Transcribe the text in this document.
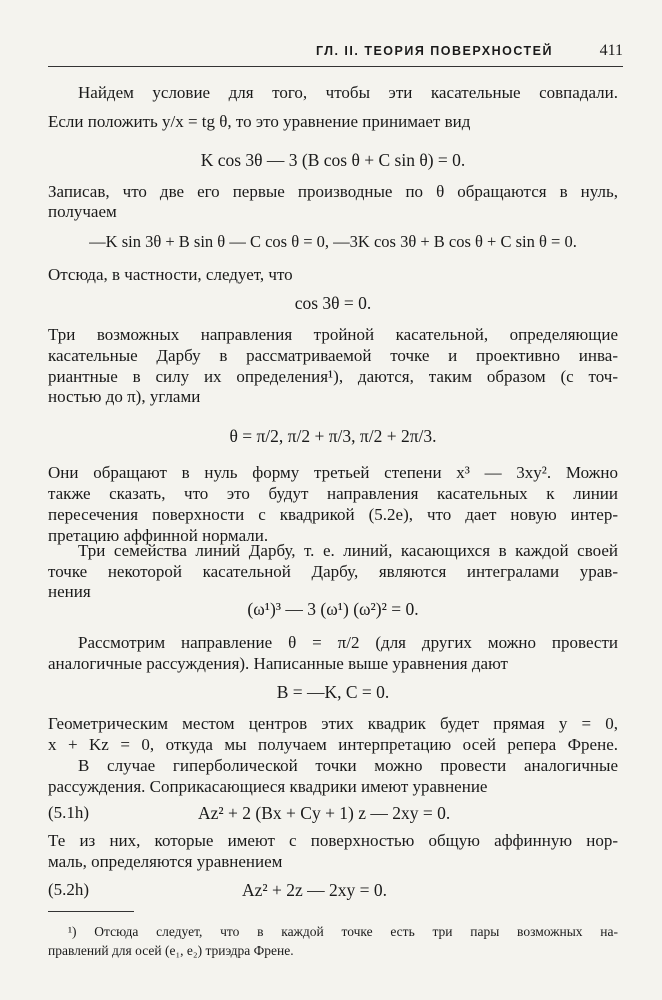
ГЛ. II. ТЕОРИЯ ПОВЕРХНОСТЕЙ	411
Найдем условие для того, чтобы эти касательные совпадали.
Если положить y/x = tg θ, то это уравнение принимает вид
K cos 3θ — 3 (B cos θ + C sin θ) = 0.
Записав, что две его первые производные по θ обращаются в нуль,
получаем
—K sin 3θ + B sin θ — C cos θ = 0, —3K cos 3θ + B cos θ + C sin θ = 0.
Отсюда, в частности, следует, что
cos 3θ = 0.
Три возможных направления тройной касательной, определяющие
касательные Дарбу в рассматриваемой точке и проективно инва-
риантные в силу их определения¹), даются, таким образом (с точ-
ностью до π), углами
θ = π/2, π/2 + π/3, π/2 + 2π/3.
Они обращают в нуль форму третьей степени x³ — 3xy². Можно
также сказать, что это будут направления касательных к линии
пересечения поверхности с квадрикой (5.2e), что дает новую интер-
претацию аффинной нормали.
Три семейства линий Дарбу, т. е. линий, касающихся в каждой своей
точке некоторой касательной Дарбу, являются интегралами урав-
нения
(ω¹)³ — 3 (ω¹) (ω²)² = 0.
Рассмотрим направление θ = π/2 (для других можно провести
аналогичные рассуждения). Написанные выше уравнения дают
B = —K, C = 0.
Геометрическим местом центров этих квадрик будет прямая y = 0,
x + Kz = 0, откуда мы получаем интерпретацию осей репера Френе.
В случае гиперболической точки можно провести аналогичные
рассуждения. Соприкасающиеся квадрики имеют уравнение
(5.1h)	Az² + 2 (Bx + Cy + 1) z — 2xy = 0.
Те из них, которые имеют с поверхностью общую аффинную нор-
маль, определяются уравнением
(5.2h)	Az² + 2z — 2xy = 0.
¹) Отсюда следует, что в каждой точке есть три пары возможных на-
правлений для осей (e₁, e₂) триэдра Френе.
